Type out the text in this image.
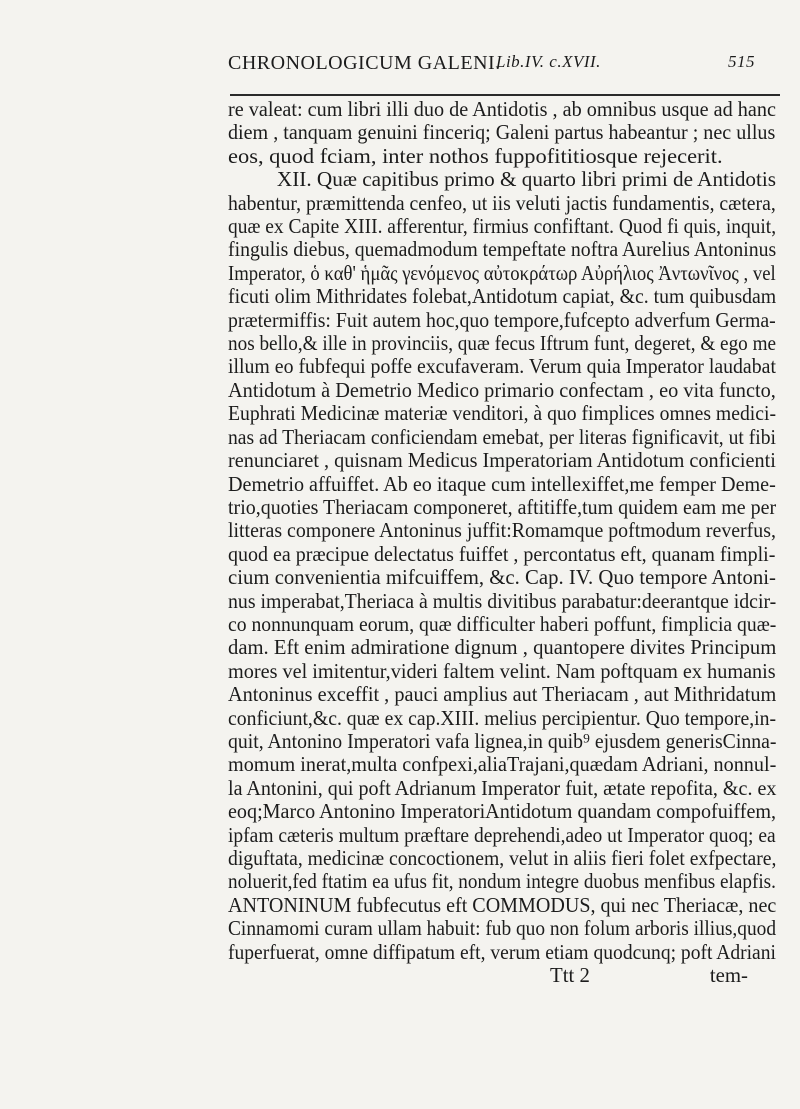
CHRONOLOGICUM GALENI.
Lib.IV. c.XVII.	515
re valeat: cum libri illi duo de Antidotis , ab omnibus usque ad hanc
diem , tanquam genuini finceriq; Galeni partus habeantur ; nec ullus
eos, quod fciam, inter nothos fuppofititiosque rejecerit.
XII. Quæ capitibus primo & quarto libri primi de Antidotis
habentur, præmittenda cenfeo, ut iis veluti jactis fundamentis, cætera,
quæ ex Capite XIII. afferentur, firmius confiftant. Quod fi quis, inquit,
fingulis diebus, quemadmodum tempeftate noftra Aurelius Antoninus
Imperator, ὁ καθ' ἡμᾶς γενόμενος αὐτοκράτωρ Αὐρήλιος Ἀντωνῖνος , vel
ficuti olim Mithridates folebat,Antidotum capiat, &c. tum quibusdam
prætermiffis: Fuit autem hoc,quo tempore,fufcepto adverfum Germa-
nos bello,& ille in provinciis, quæ fecus Iftrum funt, degeret, & ego me
illum eo fubfequi poffe excufaveram. Verum quia Imperator laudabat
Antidotum à Demetrio Medico primario confectam , eo vita functo,
Euphrati Medicinæ materiæ venditori, à quo fimplices omnes medici-
nas ad Theriacam conficiendam emebat, per literas fignificavit, ut fibi
renunciaret , quisnam Medicus Imperatoriam Antidotum conficienti
Demetrio affuiffet. Ab eo itaque cum intellexiffet,me femper Deme-
trio,quoties Theriacam componeret, aftitiffe,tum quidem eam me per
litteras componere Antoninus juffit:Romamque poftmodum reverfus,
quod ea præcipue delectatus fuiffet , percontatus eft, quanam fimpli-
cium convenientia mifcuiffem, &c. Cap. IV. Quo tempore Antoni-
nus imperabat,Theriaca à multis divitibus parabatur:deerantque idcir-
co nonnunquam eorum, quæ difficulter haberi poffunt, fimplicia quæ-
dam. Eft enim admiratione dignum , quantopere divites Principum
mores vel imitentur,videri faltem velint. Nam poftquam ex humanis
Antoninus exceffit , pauci amplius aut Theriacam , aut Mithridatum
conficiunt,&c. quæ ex cap.XIII. melius percipientur. Quo tempore,in-
quit, Antonino Imperatori vafa lignea,in quib⁹ ejusdem generisCinna-
momum inerat,multa confpexi,aliaTrajani,quædam Adriani, nonnul-
la Antonini, qui poft Adrianum Imperator fuit, ætate repofita, &c. ex
eoq;Marco Antonino ImperatoriAntidotum quandam compofuiffem,
ipfam cæteris multum præftare deprehendi,adeo ut Imperator quoq; ea
diguftata, medicinæ concoctionem, velut in aliis fieri folet exfpectare,
noluerit,fed ftatim ea ufus fit, nondum integre duobus menfibus elapfis.
ANTONINUM fubfecutus eft COMMODUS, qui nec Theriacæ, nec
Cinnamomi curam ullam habuit: fub quo non folum arboris illius,quod
fuperfuerat, omne diffipatum eft, verum etiam quodcunq; poft Adriani
Ttt 2	tem-
